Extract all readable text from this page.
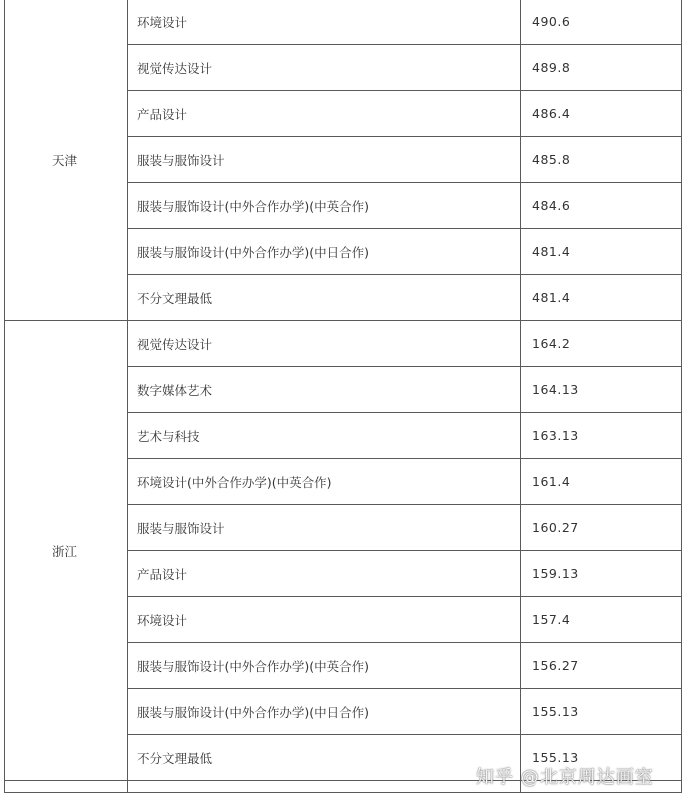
天津	环境设计	490.6
	视觉传达设计	489.8
	产品设计	486.4
	服装与服饰设计	485.8
	服装与服饰设计(中外合作办学)(中英合作)	484.6
	服装与服饰设计(中外合作办学)(中日合作)	481.4
	不分文理最低	481.4
浙江	视觉传达设计	164.2
	数字媒体艺术	164.13
	艺术与科技	163.13
	环境设计(中外合作办学)(中英合作)	161.4
	服装与服饰设计	160.27
	产品设计	159.13
	环境设计	157.4
	服装与服饰设计(中外合作办学)(中英合作)	156.27
	服装与服饰设计(中外合作办学)(中日合作)	155.13
	不分文理最低	155.13

知乎 @北京周达画室
